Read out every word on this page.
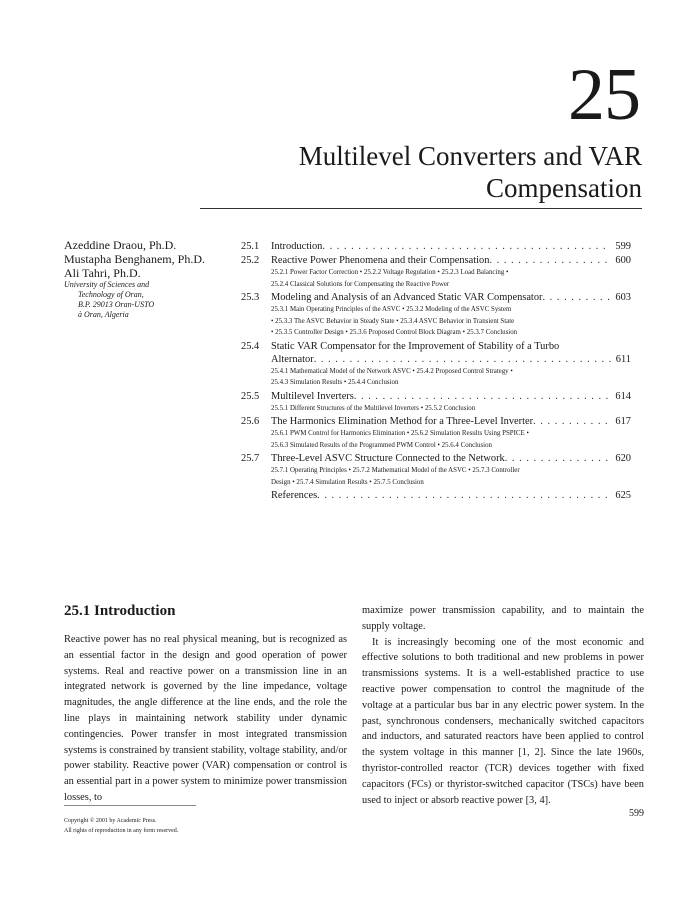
25
Multilevel Converters and VAR Compensation
Azeddine Draou, Ph.D.
Mustapha Benghanem, Ph.D.
Ali Tahri, Ph.D.
University of Sciences and
Technology of Oran,
B.P. 29013 Oran-USTO
à Oran, Algeria
25.1	Introduction . . .	599
25.2	Reactive Power Phenomena and their Compensation . . .	600
25.2.1 Power Factor Correction • 25.2.2 Voltage Regulation • 25.2.3 Load Balancing •
25.2.4 Classical Solutions for Compensating the Reactive Power
25.3	Modeling and Analysis of an Advanced Static VAR Compensator . . .	603
25.3.1 Main Operating Principles of the ASVC • 25.3.2 Modeling of the ASVC System
• 25.3.3 The ASVC Behavior in Steady State • 25.3.4 ASVC Behavior in Transient State
• 25.3.5 Controller Design • 25.3.6 Proposed Control Block Diagram • 25.3.7 Conclusion
25.4	Static VAR Compensator for the Improvement of Stability of a Turbo
Alternator . . .	611
25.4.1 Mathematical Model of the Network ASVC • 25.4.2 Proposed Control Strategy •
25.4.3 Simulation Results • 25.4.4 Conclusion
25.5	Multilevel Inverters . . .	614
25.5.1 Different Structures of the Multilevel Inverters • 25.5.2 Conclusion
25.6	The Harmonics Elimination Method for a Three-Level Inverter . . .	617
25.6.1 PWM Control for Harmonics Elimination • 25.6.2 Simulation Results Using PSPICE •
25.6.3 Simulated Results of the Programmed PWM Control • 25.6.4 Conclusion
25.7	Three-Level ASVC Structure Connected to the Network . . .	620
25.7.1 Operating Principles • 25.7.2 Mathematical Model of the ASVC • 25.7.3 Controller
Design • 25.7.4 Simulation Results • 25.7.5 Conclusion
References . . .	625
25.1 Introduction

Reactive power has no real physical meaning, but is recognized as an essential factor in the design and good operation of power systems. Real and reactive power on a transmission line in an integrated network is governed by the line impedance, voltage magnitudes, the angle difference at the line ends, and the role the line plays in maintaining network stability under dynamic contingencies. Power transfer in most integrated transmission systems is constrained by transient stability, voltage stability, and/or power stability. Reactive power (VAR) compensation or control is an essential part in a power system to minimize power transmission losses, to

maximize power transmission capability, and to maintain the supply voltage.

It is increasingly becoming one of the most economic and effective solutions to both traditional and new problems in power transmissions systems. It is a well-established practice to use reactive power compensation to control the magnitude of the voltage at a particular bus bar in any electric power system. In the past, synchronous condensers, mechanically switched capacitors and inductors, and saturated reactors have been applied to control the system voltage in this manner [1, 2]. Since the late 1960s, thyristor-controlled reactor (TCR) devices together with fixed capacitors (FCs) or thyristor-switched capacitor (TSCs) have been used to inject or absorb reactive power [3, 4].

Copyright © 2001 by Academic Press.
All rights of reproduction in any form reserved.
599
